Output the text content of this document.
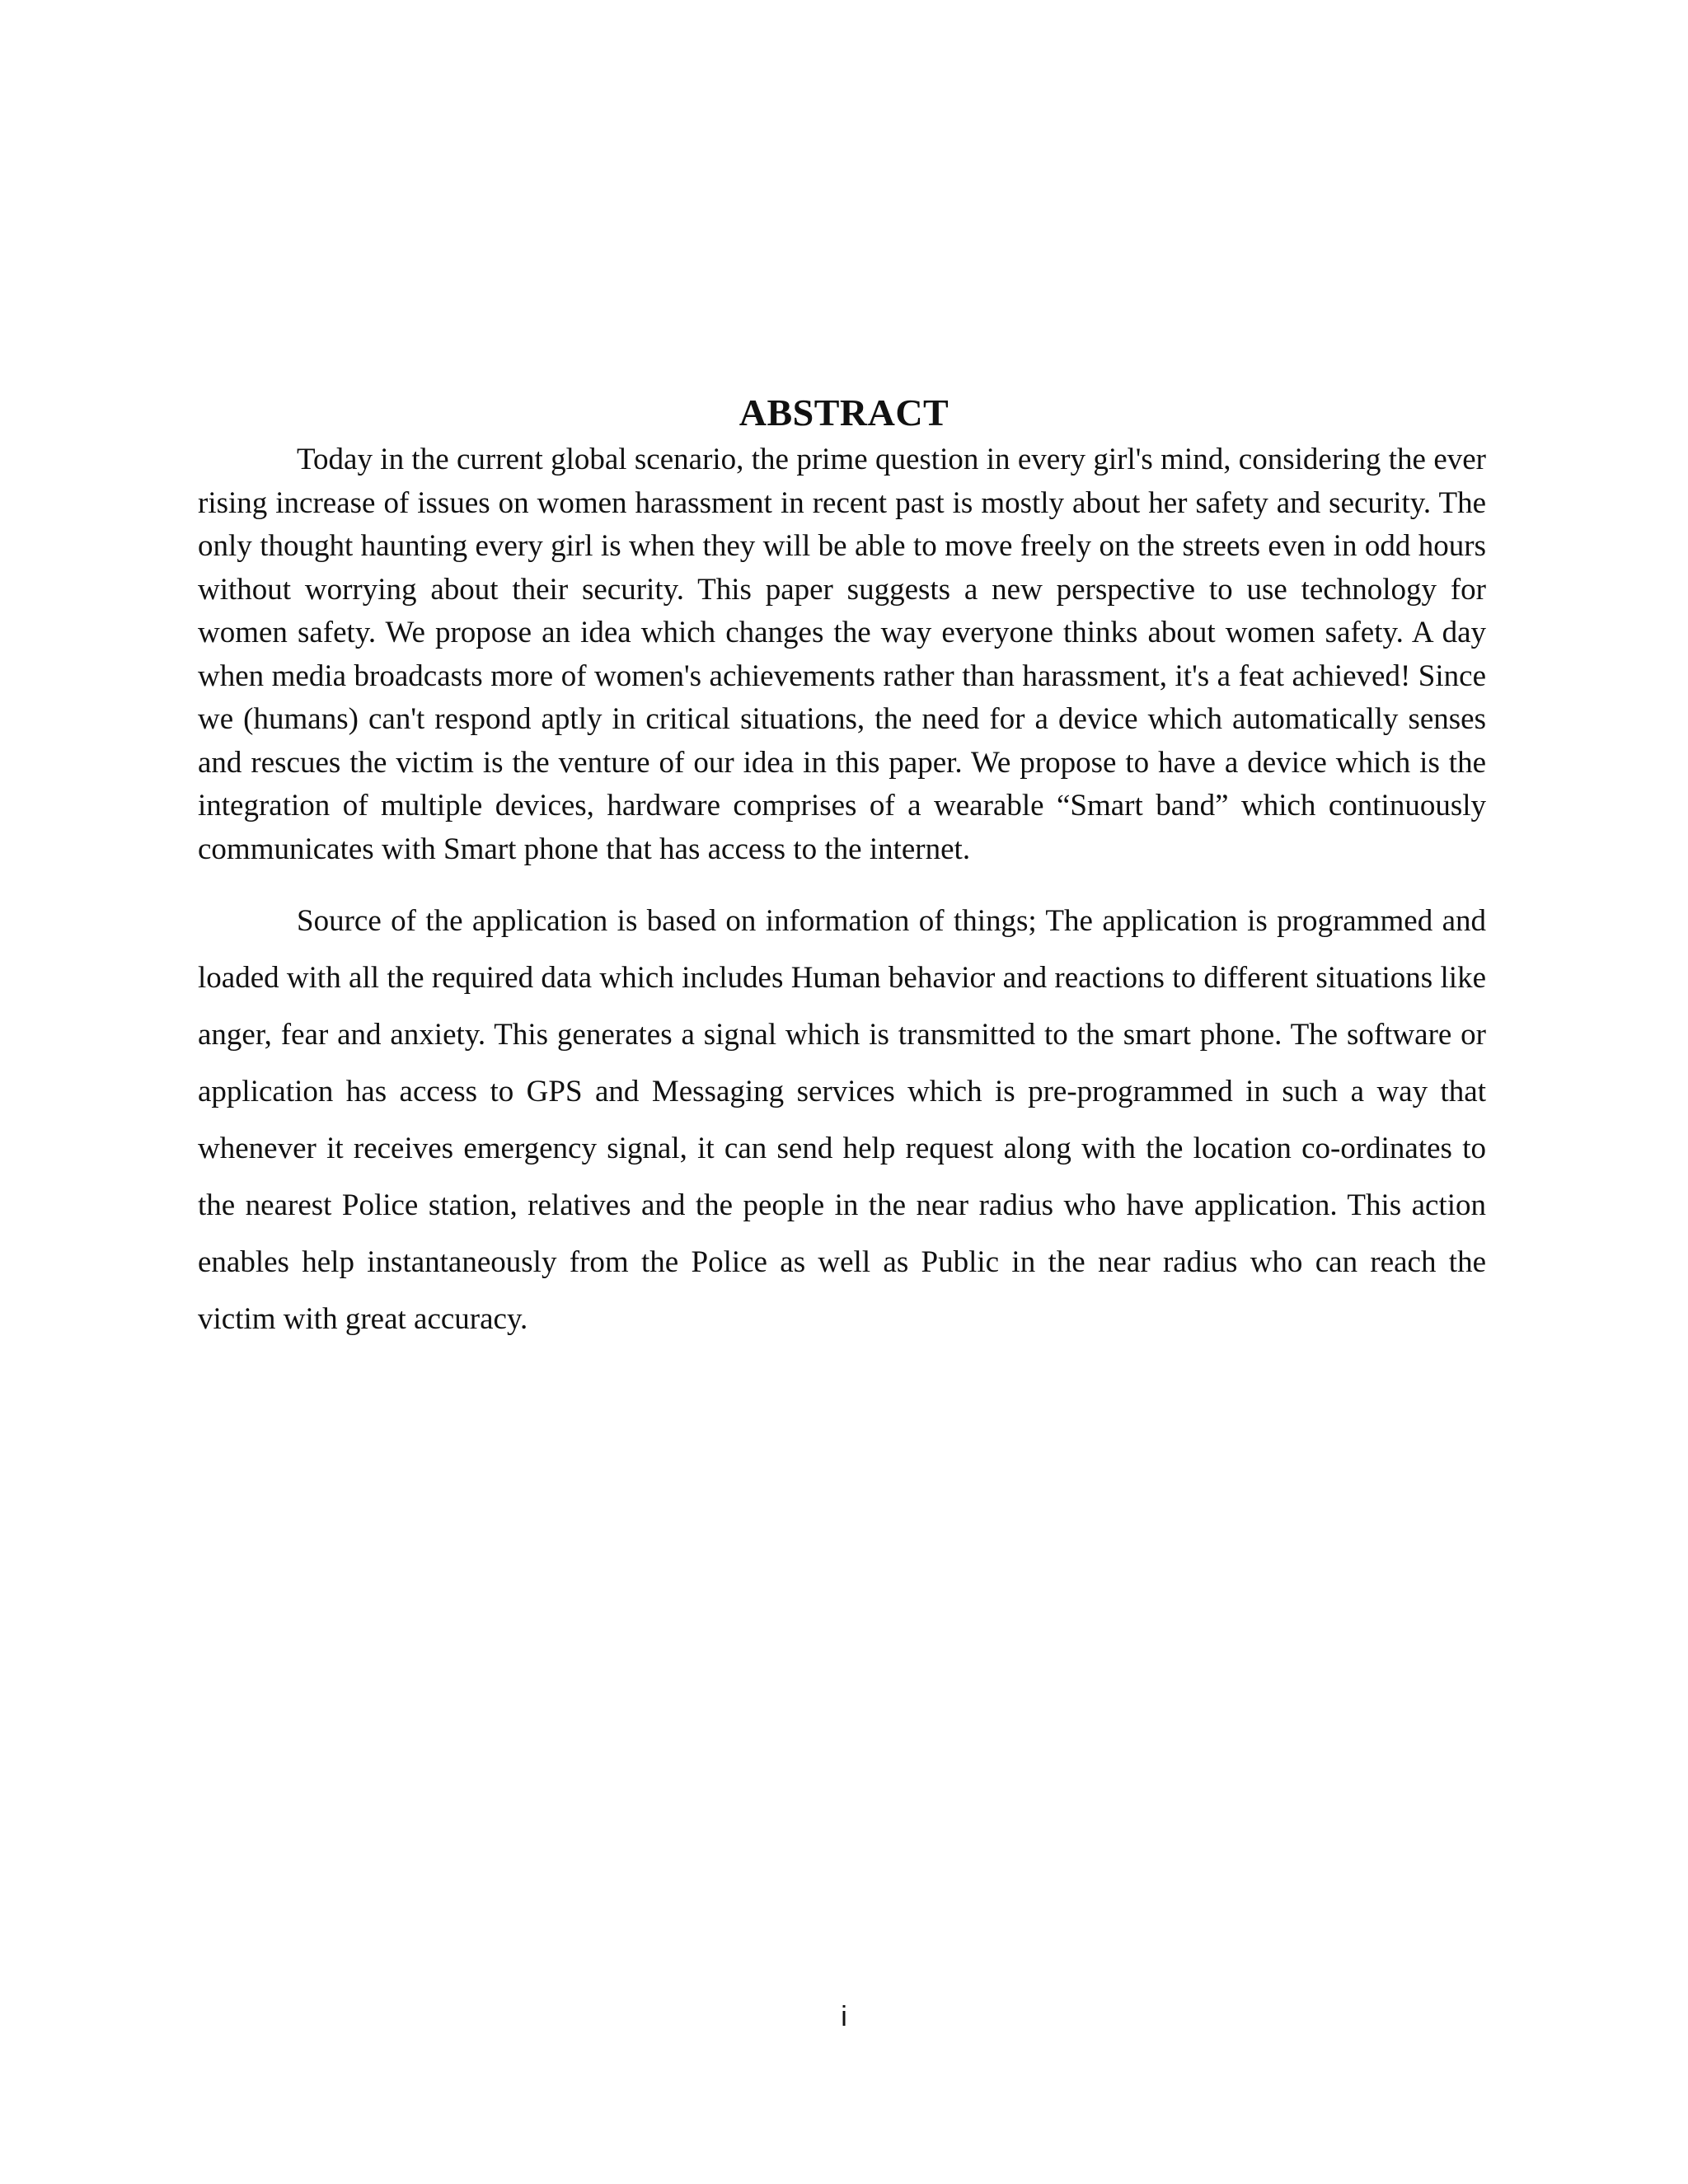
ABSTRACT

Today in the current global scenario, the prime question in every girl's mind, considering the ever rising increase of issues on women harassment in recent past is mostly about her safety and security. The only thought haunting every girl is when they will be able to move freely on the streets even in odd hours without worrying about their security. This paper suggests a new perspective to use technology for women safety. We propose an idea which changes the way everyone thinks about women safety. A day when media broadcasts more of women's achievements rather than harassment, it's a feat achieved! Since we (humans) can't respond aptly in critical situations, the need for a device which automatically senses and rescues the victim is the venture of our idea in this paper. We propose to have a device which is the integration of multiple devices, hardware comprises of a wearable “Smart band” which continuously communicates with Smart phone that has access to the internet.

Source of the application is based on information of things; The application is programmed and loaded with all the required data which includes Human behavior and reactions to different situations like anger, fear and anxiety. This generates a signal which is transmitted to the smart phone. The software or application has access to GPS and Messaging services which is pre-programmed in such a way that whenever it receives emergency signal, it can send help request along with the location co-ordinates to the nearest Police station, relatives and the people in the near radius who have application. This action enables help instantaneously from the Police as well as Public in the near radius who can reach the victim with great accuracy.

i
